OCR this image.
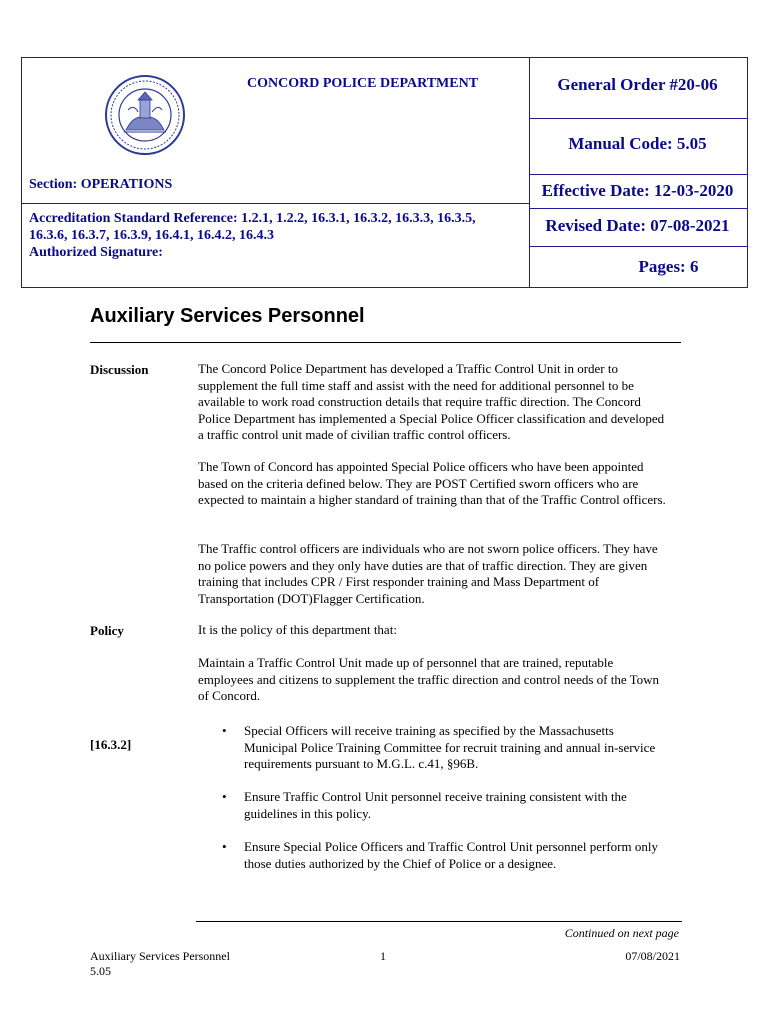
CONCORD POLICE DEPARTMENT	General Order #20-06
Manual Code: 5.05
Effective Date: 12-03-2020
Revised Date: 07-08-2021
Pages: 6
Section: OPERATIONS
Accreditation Standard Reference: 1.2.1, 1.2.2, 16.3.1, 16.3.2, 16.3.3, 16.3.5,
16.3.6, 16.3.7, 16.3.9, 16.4.1, 16.4.2, 16.4.3
Authorized Signature:
Auxiliary Services Personnel
Discussion	The Concord Police Department has developed a Traffic Control Unit in order to supplement the full time staff and assist with the need for additional personnel to be available to work road construction details that require traffic direction. The Concord Police Department has implemented a Special Police Officer classification and developed a traffic control unit made of civilian traffic control officers.
The Town of Concord has appointed Special Police officers who have been appointed based on the criteria defined below. They are POST Certified sworn officers who are expected to maintain a higher standard of training than that of the Traffic Control officers.
The Traffic control officers are individuals who are not sworn police officers. They have no police powers and they only have duties are that of traffic direction. They are given training that includes CPR / First responder training and Mass Department of Transportation (DOT)Flagger Certification.
Policy	It is the policy of this department that:
Maintain a Traffic Control Unit made up of personnel that are trained, reputable employees and citizens to supplement the traffic direction and control needs of the Town of Concord.
[16.3.2]
• Special Officers will receive training as specified by the Massachusetts Municipal Police Training Committee for recruit training and annual in-service requirements pursuant to M.G.L. c.41, §96B.
• Ensure Traffic Control Unit personnel receive training consistent with the guidelines in this policy.
• Ensure Special Police Officers and Traffic Control Unit personnel perform only those duties authorized by the Chief of Police or a designee.
Continued on next page
Auxiliary Services Personnel
5.05
1	07/08/2021
